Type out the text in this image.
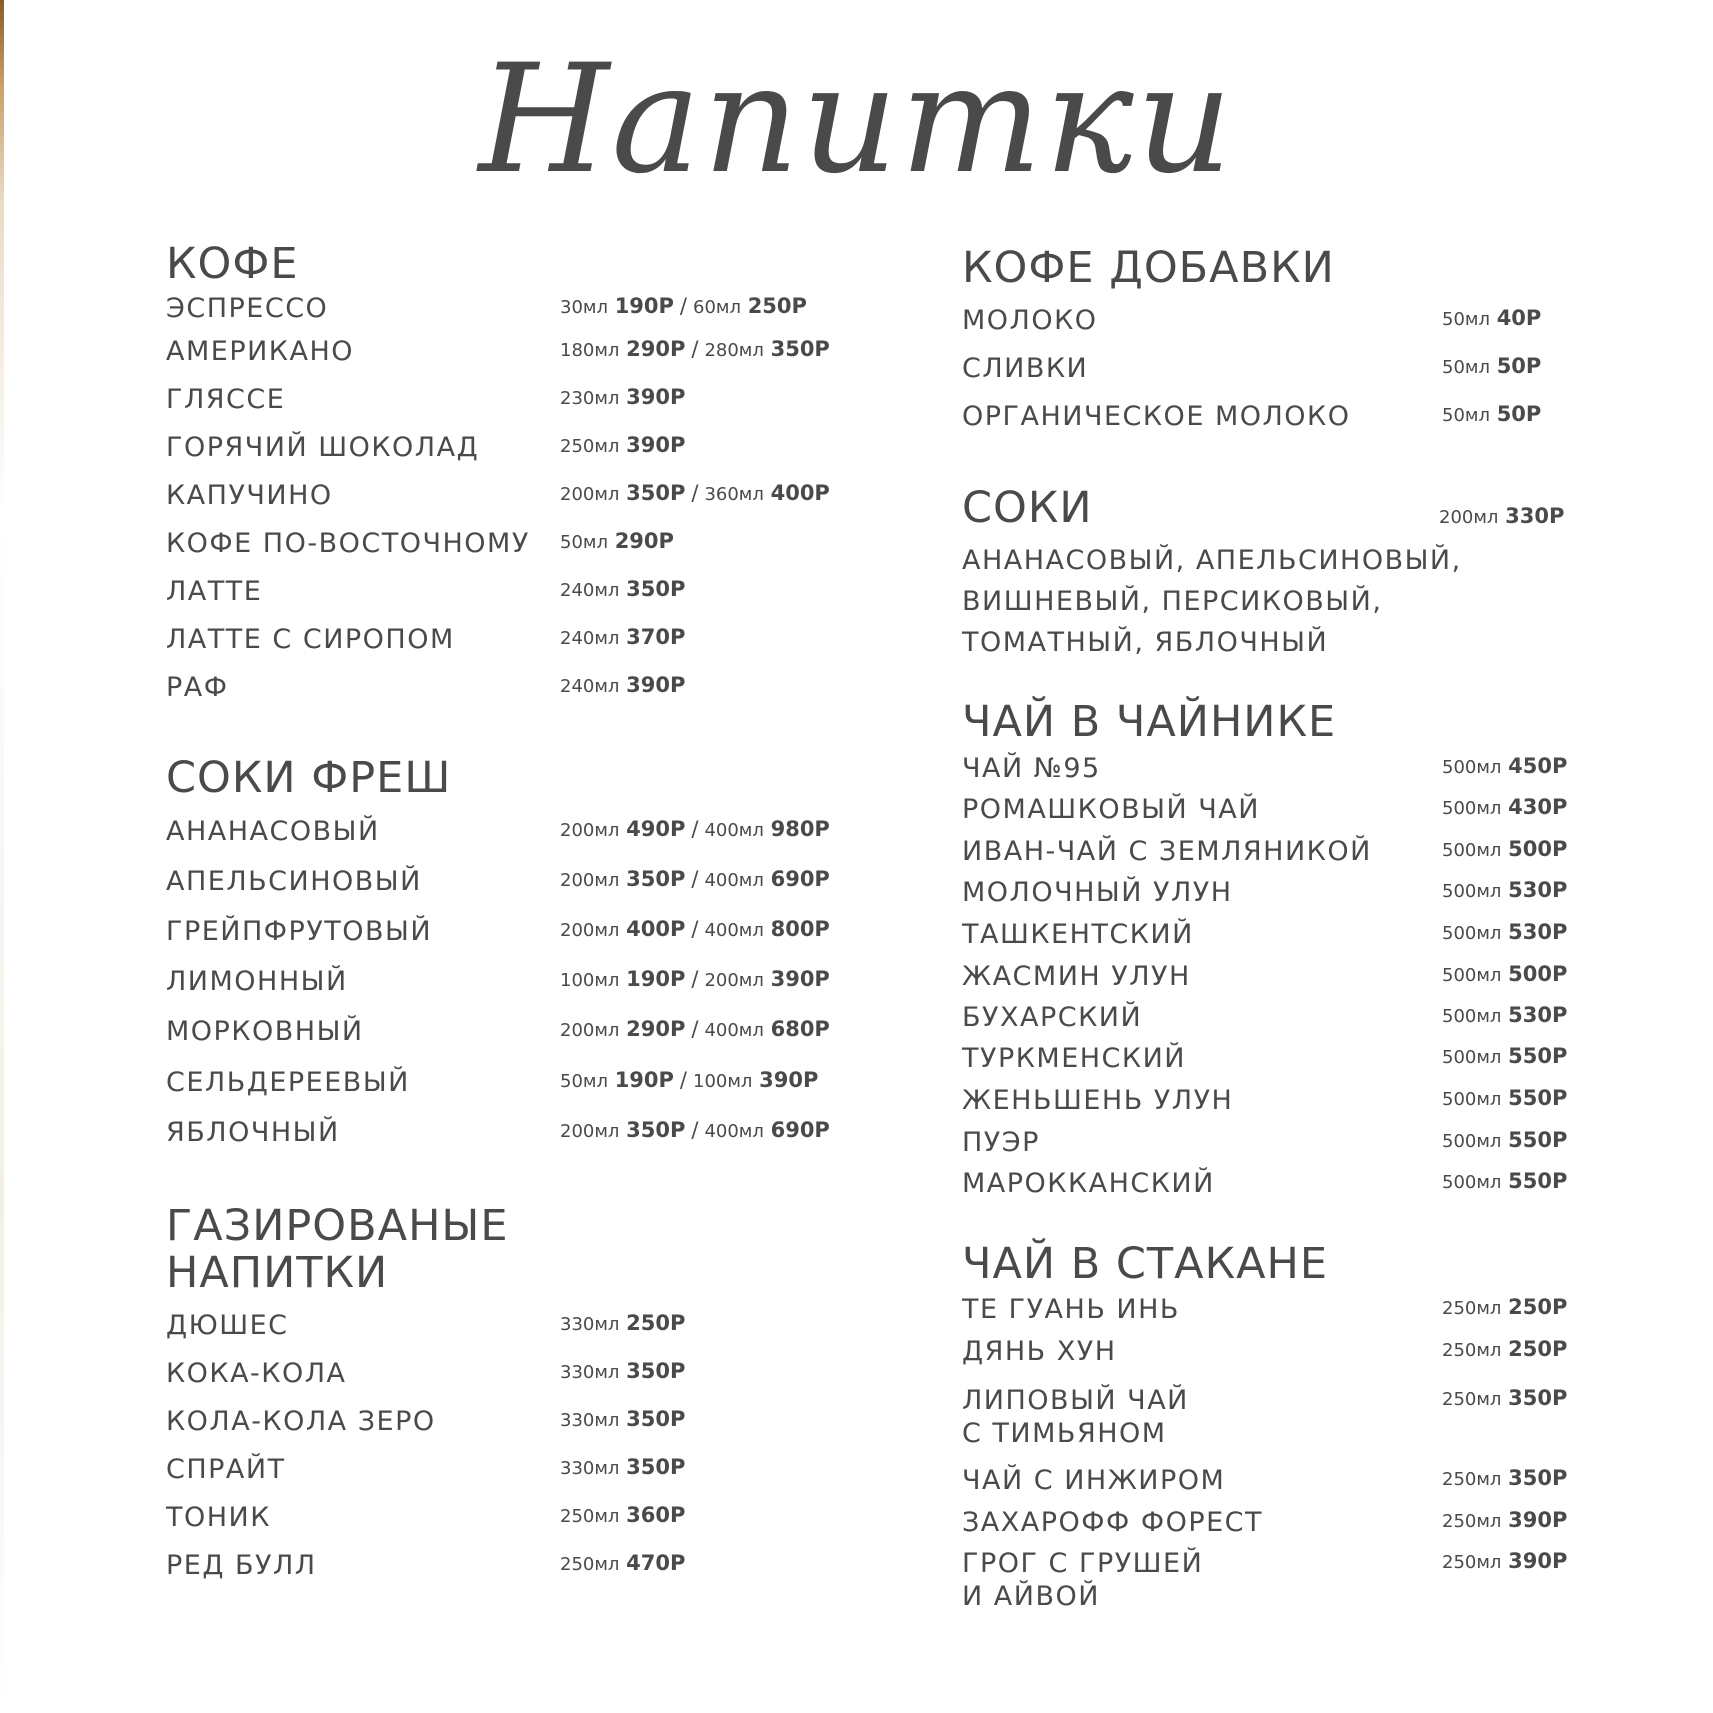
Напитки
КОФЕ
ЭСПРЕССО	30мл 190Р / 60мл 250Р
АМЕРИКАНО	180мл 290Р / 280мл 350Р
ГЛЯССЕ	230мл 390Р
ГОРЯЧИЙ ШОКОЛАД	250мл 390Р
КАПУЧИНО	200мл 350Р / 360мл 400Р
КОФЕ ПО-ВОСТОЧНОМУ 50мл 290Р
ЛАТТЕ	240мл 350Р
ЛАТТЕ С СИРОПОМ	240мл 370Р
РАФ	240мл 390Р
СОКИ ФРЕШ
АНАНАСОВЫЙ	200мл 490Р / 400мл 980Р
АПЕЛЬСИНОВЫЙ	200мл 350Р / 400мл 690Р
ГРЕЙПФРУТОВЫЙ	200мл 400Р / 400мл 800Р
ЛИМОННЫЙ	100мл 190Р / 200мл 390Р
МОРКОВНЫЙ	200мл 290Р / 400мл 680Р
СЕЛЬДЕРЕЕВЫЙ	50мл 190Р / 100мл 390Р
ЯБЛОЧНЫЙ	200мл 350Р / 400мл 690Р
ГАЗИРОВАНЫЕ
НАПИТКИ
ДЮШЕС	330мл 250Р
КОКА-КОЛА	330мл 350Р
КОЛА-КОЛА ЗЕРО	330мл 350Р
СПРАЙТ	330мл 350Р
ТОНИК	250мл 360Р
РЕД БУЛЛ	250мл 470Р
КОФЕ ДОБАВКИ
МОЛОКО	50мл 40Р
СЛИВКИ	50мл 50Р
ОРГАНИЧЕСКОЕ МОЛОКО	50мл 50Р
СОКИ	200мл 330Р
АНАНАСОВЫЙ, АПЕЛЬСИНОВЫЙ, ВИШНЕВЫЙ, ПЕРСИКОВЫЙ, ТОМАТНЫЙ, ЯБЛОЧНЫЙ
ЧАЙ В ЧАЙНИКЕ
ЧАЙ №95	500мл 450Р
РОМАШКОВЫЙ ЧАЙ	500мл 430Р
ИВАН-ЧАЙ С ЗЕМЛЯНИКОЙ	500мл 500Р
МОЛОЧНЫЙ УЛУН	500мл 530Р
ТАШКЕНТСКИЙ	500мл 530Р
ЖАСМИН УЛУН	500мл 500Р
БУХАРСКИЙ	500мл 530Р
ТУРКМЕНСКИЙ	500мл 550Р
ЖЕНЬШЕНЬ УЛУН	500мл 550Р
ПУЭР	500мл 550Р
МАРОККАНСКИЙ	500мл 550Р
ЧАЙ В СТАКАНЕ
ТЕ ГУАНЬ ИНЬ	250мл 250Р
ДЯНЬ ХУН	250мл 250Р
ЛИПОВЫЙ ЧАЙ
С ТИМЬЯНОМ
250мл 350Р
ЧАЙ С ИНЖИРОМ	250мл 350Р
ЗАХАРОФФ ФОРЕСТ	250мл 390Р
ГРОГ С ГРУШЕЙ
И АЙВОЙ
250мл 390Р
